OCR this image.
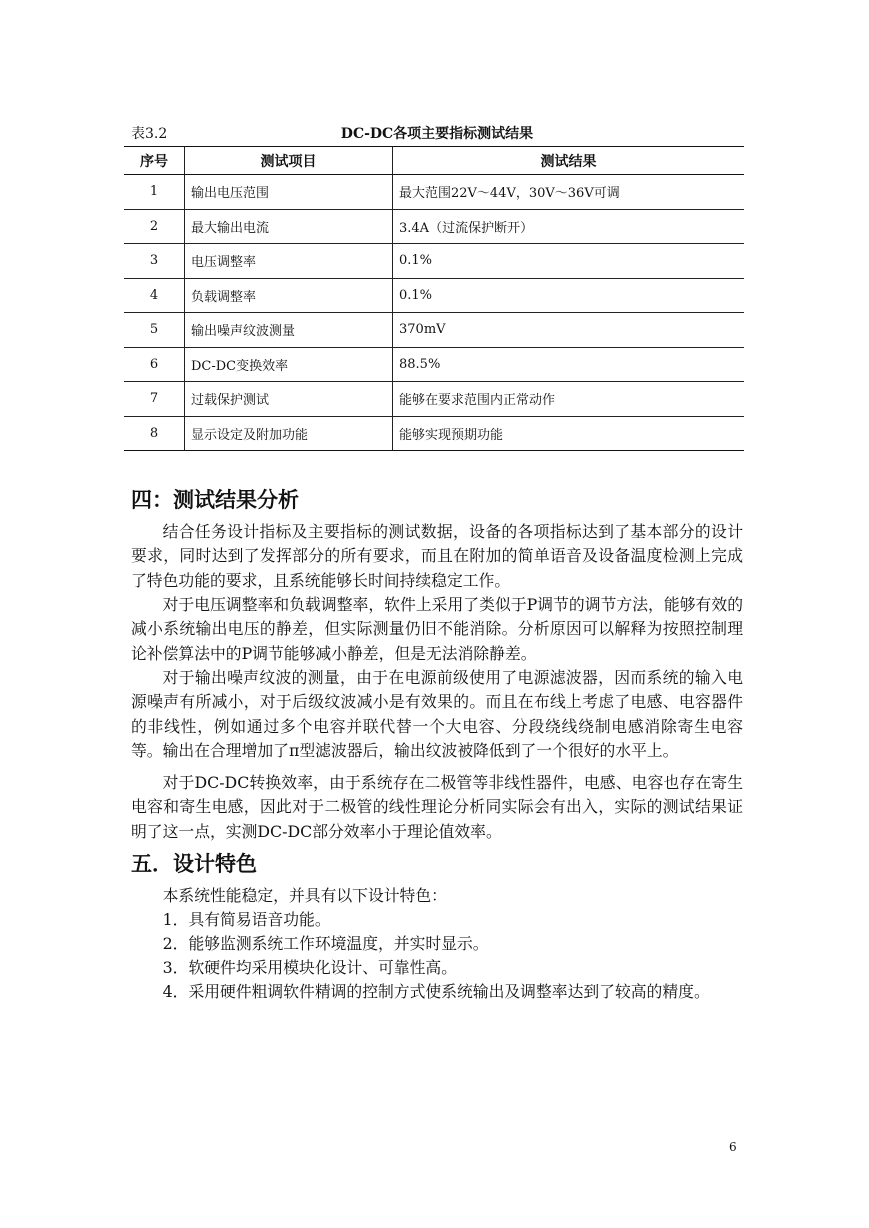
表3.2	DC-DC各项主要指标测试结果
序号	测试项目	测试结果
1	输出电压范围	最大范围22V～44V，30V～36V可调
2	最大输出电流	3.4A（过流保护断开）
3	电压调整率	0.1%
4	负载调整率	0.1%
5	输出噪声纹波测量	370mV
6	DC-DC变换效率	88.5%
7	过载保护测试	能够在要求范围内正常动作
8	显示设定及附加功能	能够实现预期功能
四：测试结果分析

结合任务设计指标及主要指标的测试数据，设备的各项指标达到了基本部分的设计要求，同时达到了发挥部分的所有要求，而且在附加的简单语音及设备温度检测上完成了特色功能的要求，且系统能够长时间持续稳定工作。

对于电压调整率和负载调整率，软件上采用了类似于P调节的调节方法，能够有效的减小系统输出电压的静差，但实际测量仍旧不能消除。分析原因可以解释为按照控制理论补偿算法中的P调节能够减小静差，但是无法消除静差。

对于输出噪声纹波的测量，由于在电源前级使用了电源滤波器，因而系统的输入电源噪声有所减小，对于后级纹波减小是有效果的。而且在布线上考虑了电感、电容器件的非线性，例如通过多个电容并联代替一个大电容、分段绕线绕制电感消除寄生电容等。输出在合理增加了π型滤波器后，输出纹波被降低到了一个很好的水平上。

对于DC-DC转换效率，由于系统存在二极管等非线性器件，电感、电容也存在寄生电容和寄生电感，因此对于二极管的线性理论分析同实际会有出入，实际的测试结果证明了这一点，实测DC-DC部分效率小于理论值效率。

五．设计特色

本系统性能稳定，并具有以下设计特色：

1．具有简易语音功能。

2．能够监测系统工作环境温度，并实时显示。

3．软硬件均采用模块化设计、可靠性高。

4．采用硬件粗调软件精调的控制方式使系统输出及调整率达到了较高的精度。

6
